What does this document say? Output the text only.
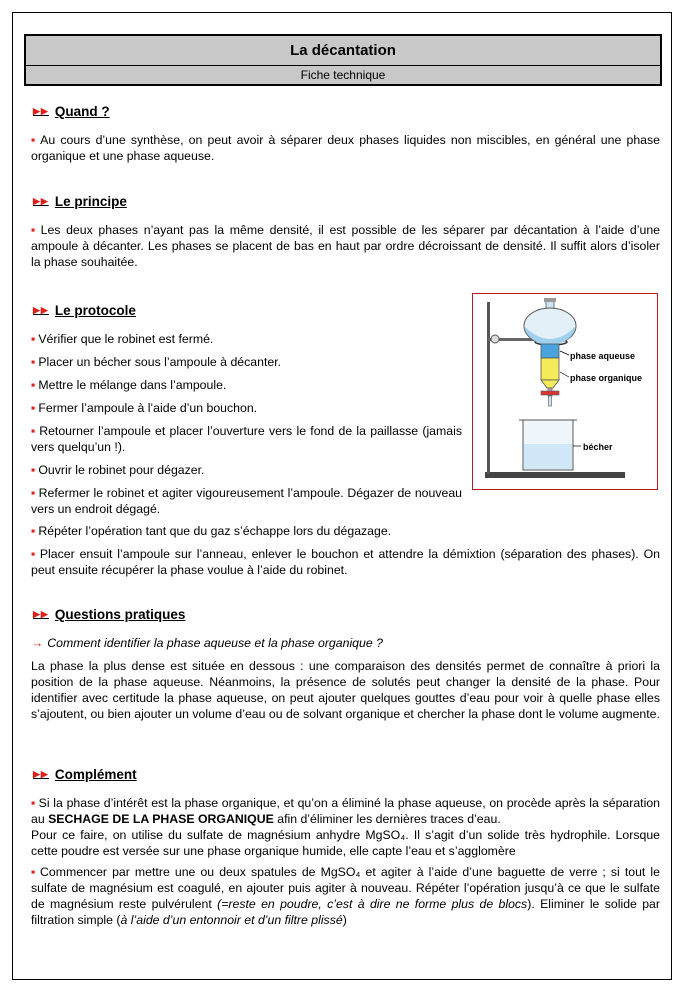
La décantation
Fiche technique
▶▶ Quand ?
▪ Au cours d’une synthèse, on peut avoir à séparer deux phases liquides non miscibles, en général une phase organique et une phase aqueuse.
▶▶ Le principe
▪ Les deux phases n’ayant pas la même densité, il est possible de les séparer par décantation à l’aide d’une ampoule à décanter. Les phases se placent de bas en haut par ordre décroissant de densité. Il suffit alors d’isoler la phase souhaitée.
▶▶ Le protocole
▪ Vérifier que le robinet est fermé.
▪ Placer un bécher sous l’ampoule à décanter.
▪ Mettre le mélange dans l’ampoule.
▪ Fermer l’ampoule à l’aide d’un bouchon.
▪ Retourner l’ampoule et placer l’ouverture vers le fond de la paillasse (jamais vers quelqu’un !).
▪ Ouvrir le robinet pour dégazer.
▪ Refermer le robinet et agiter vigoureusement l’ampoule. Dégazer de nouveau vers un endroit dégagé.
▪ Répéter l’opération tant que du gaz s’échappe lors du dégazage.
▪ Placer ensuit l’ampoule sur l’anneau, enlever le bouchon et attendre la démixtion (séparation des phases). On peut ensuite récupérer la phase voulue à l’aide du robinet.
phase aqueuse
phase organique
bécher
▶▶ Questions pratiques
→ Comment identifier la phase aqueuse et la phase organique ?
La phase la plus dense est située en dessous : une comparaison des densités permet de connaître à priori la position de la phase aqueuse. Néanmoins, la présence de solutés peut changer la densité de la phase. Pour identifier avec certitude la phase aqueuse, on peut ajouter quelques gouttes d’eau pour voir à quelle phase elles s’ajoutent, ou bien ajouter un volume d’eau ou de solvant organique et chercher la phase dont le volume augmente.
▶▶ Complément
▪ Si la phase d’intérêt est la phase organique, et qu’on a éliminé la phase aqueuse, on procède après la séparation au SECHAGE DE LA PHASE ORGANIQUE afin d’éliminer les dernières traces d’eau.
Pour ce faire, on utilise du sulfate de magnésium anhydre MgSO₄. Il s’agit d’un solide très hydrophile. Lorsque cette poudre est versée sur une phase organique humide, elle capte l’eau et s’agglomère
▪ Commencer par mettre une ou deux spatules de MgSO₄ et agiter à l’aide d’une baguette de verre ; si tout le sulfate de magnésium est coagulé, en ajouter puis agiter à nouveau. Répéter l’opération jusqu’à ce que le sulfate de magnésium reste pulvérulent (=reste en poudre, c’est à dire ne forme plus de blocs). Eliminer le solide par filtration simple (à l’aide d’un entonnoir et d’un filtre plissé)
